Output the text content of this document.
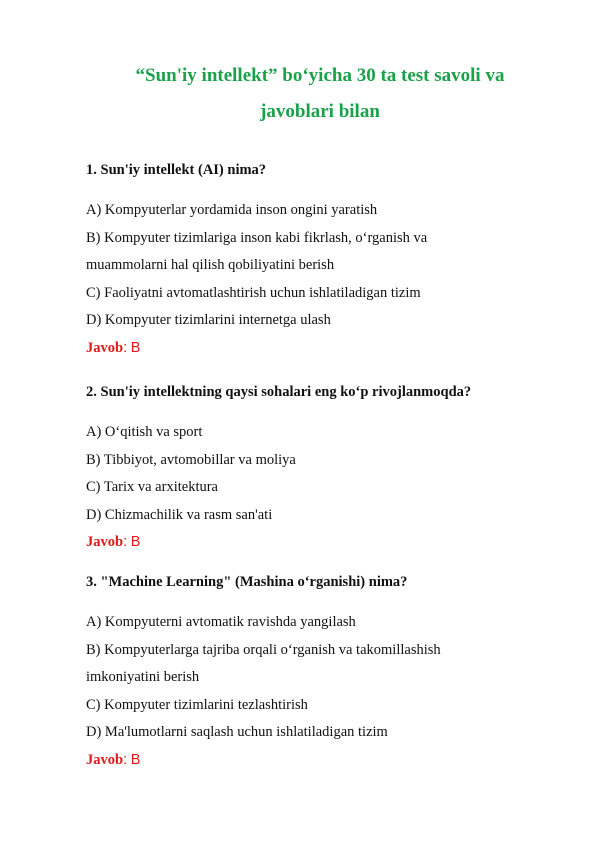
“Sun'iy intellekt” bo‘yicha 30 ta test savoli va
javoblari bilan

1. Sun'iy intellekt (AI) nima?

A) Kompyuterlar yordamida inson ongini yaratish
B) Kompyuter tizimlariga inson kabi fikrlash, o‘rganish va
muammolarni hal qilish qobiliyatini berish
C) Faoliyatni avtomatlashtirish uchun ishlatiladigan tizim
D) Kompyuter tizimlarini internetga ulash
Javob: B

2. Sun'iy intellektning qaysi sohalari eng ko‘p rivojlanmoqda?

A) O‘qitish va sport
B) Tibbiyot, avtomobillar va moliya
C) Tarix va arxitektura
D) Chizmachilik va rasm san'ati
Javob: B

3. "Machine Learning" (Mashina o‘rganishi) nima?

A) Kompyuterni avtomatik ravishda yangilash
B) Kompyuterlarga tajriba orqali o‘rganish va takomillashish
imkoniyatini berish
C) Kompyuter tizimlarini tezlashtirish
D) Ma'lumotlarni saqlash uchun ishlatiladigan tizim
Javob: B
